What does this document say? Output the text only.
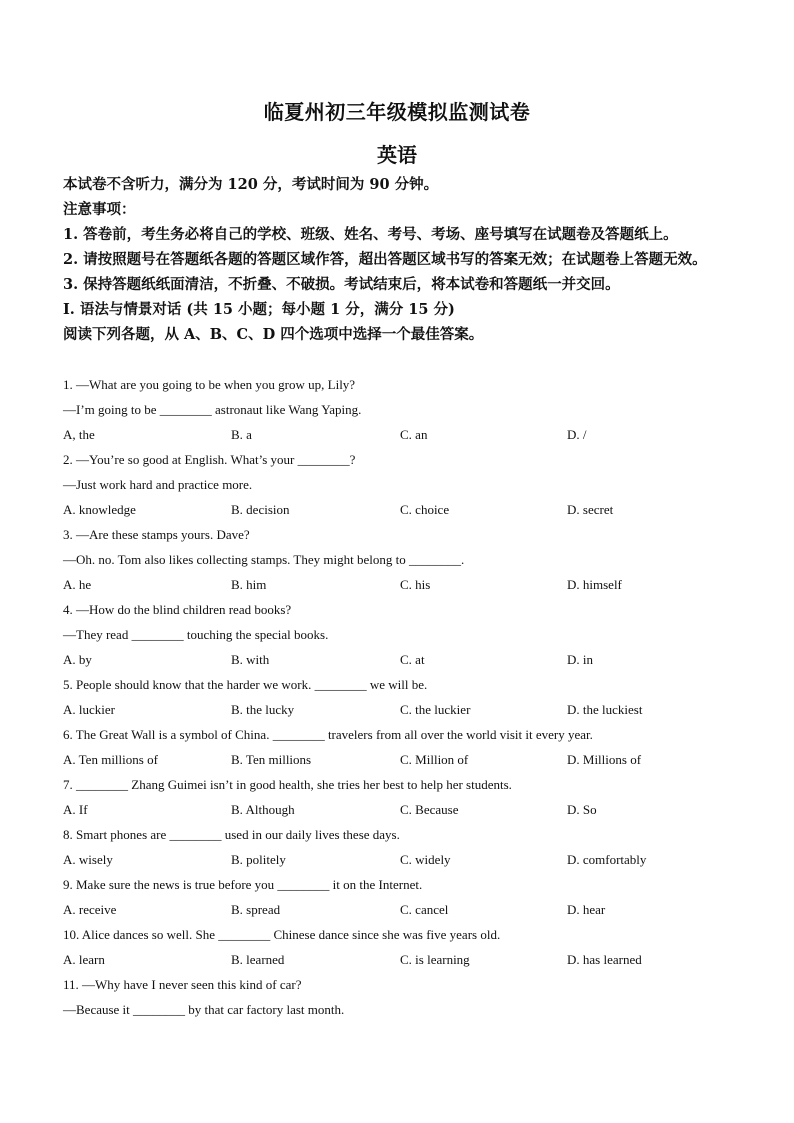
临夏州初三年级模拟监测试卷
英语

本试卷不含听力，满分为 120 分，考试时间为 90 分钟。

注意事项：

1. 答卷前，考生务必将自己的学校、班级、姓名、考号、考场、座号填写在试题卷及答题纸上。

2. 请按照题号在答题纸各题的答题区域作答，超出答题区域书写的答案无效；在试题卷上答题无效。

3. 保持答题纸纸面清洁，不折叠、不破损。考试结束后，将本试卷和答题纸一并交回。

I. 语法与情景对话 (共 15 小题；每小题 1 分，满分 15 分)

阅读下列各题，从 A、B、C、D 四个选项中选择一个最佳答案。

1. —What are you going to be when you grow up, Lily?
—I’m going to be ________ astronaut like Wang Yaping.
A, the	B. a	C. an	D. /
2. —You’re so good at English. What’s your ________?
—Just work hard and practice more.
A. knowledge	B. decision	C. choice	D. secret
3. —Are these stamps yours. Dave?
—Oh. no. Tom also likes collecting stamps. They might belong to ________.
A. he	B. him	C. his	D. himself
4. —How do the blind children read books?
—They read ________ touching the special books.
A. by	B. with	C. at	D. in
5. People should know that the harder we work. ________ we will be.
A. luckier	B. the lucky	C. the luckier	D. the luckiest
6. The Great Wall is a symbol of China. ________ travelers from all over the world visit it every year.
A. Ten millions of	B. Ten millions	C. Million of	D. Millions of
7. ________ Zhang Guimei isn’t in good health, she tries her best to help her students.
A. If	B. Although	C. Because	D. So
8. Smart phones are ________ used in our daily lives these days.
A. wisely	B. politely	C. widely	D. comfortably
9. Make sure the news is true before you ________ it on the Internet.
A. receive	B. spread	C. cancel	D. hear
10. Alice dances so well. She ________ Chinese dance since she was five years old.
A. learn	B. learned	C. is learning	D. has learned
11. —Why have I never seen this kind of car?
—Because it ________ by that car factory last month.
